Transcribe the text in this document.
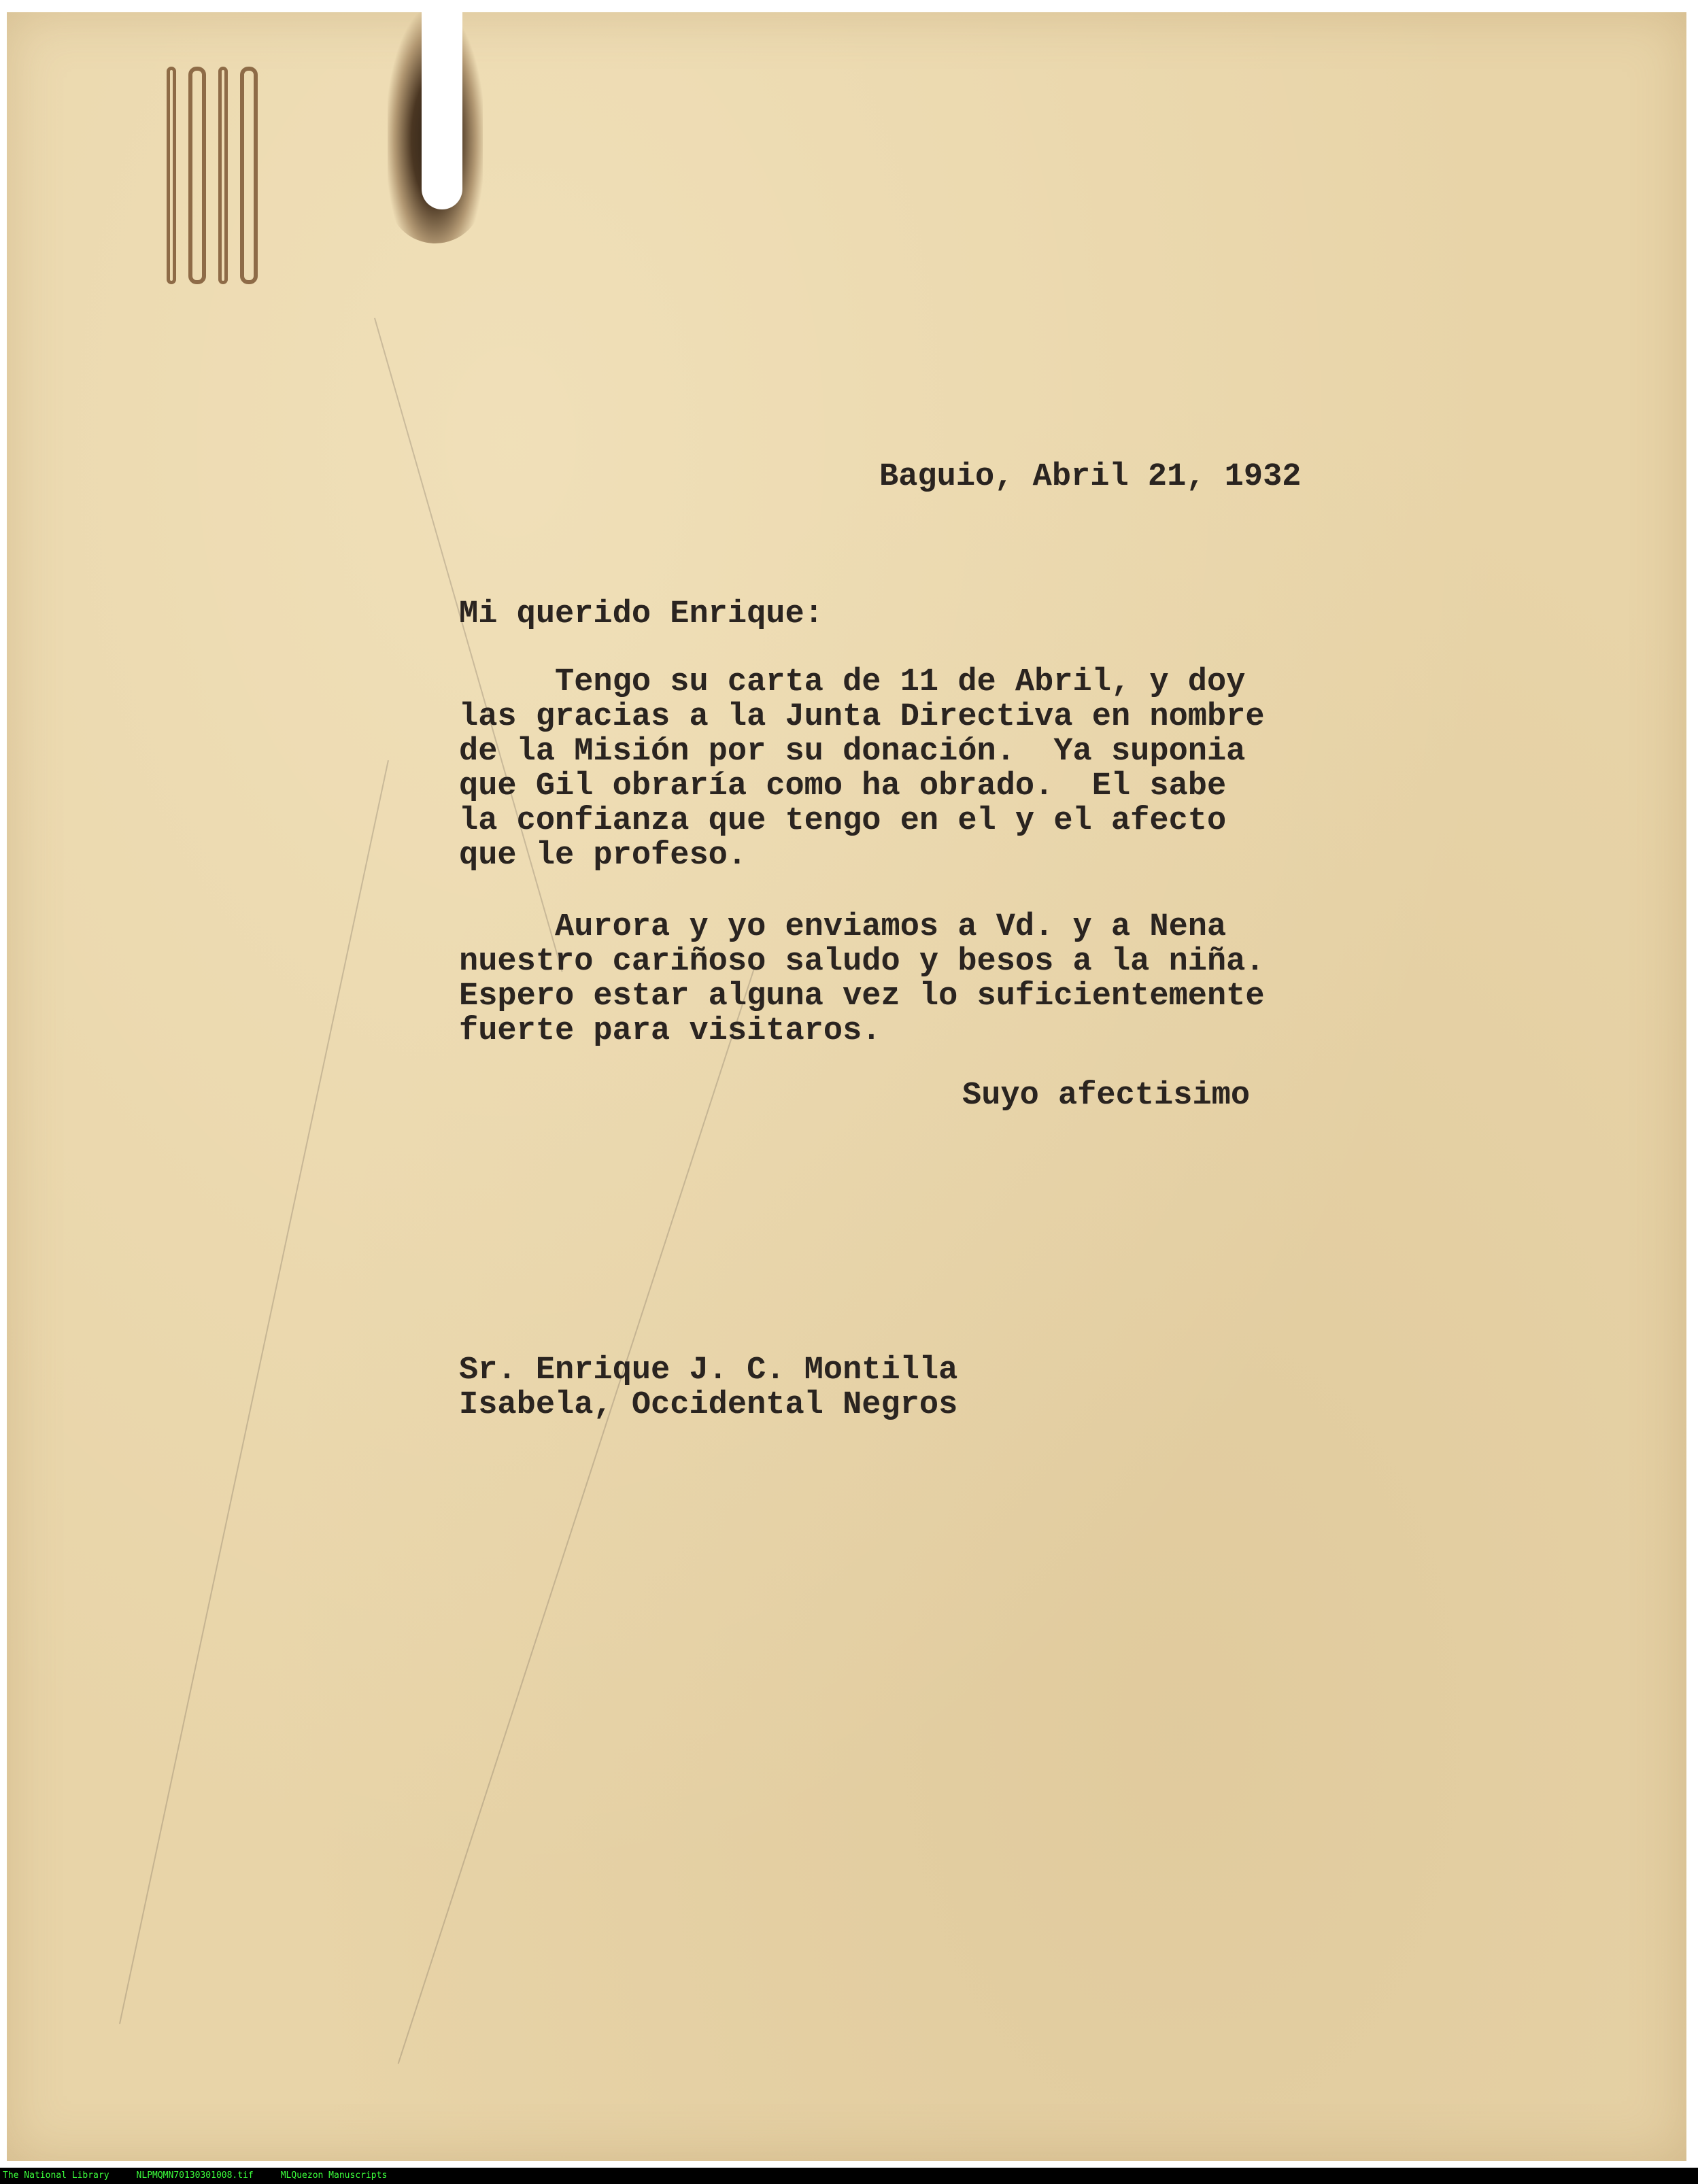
Baguio, Abril 21, 1932
Mi querido Enrique:
Tengo su carta de 11 de Abril, y doy
las gracias a la Junta Directiva en nombre
de la Misión por su donación.  Ya suponia
que Gil obraría como ha obrado.  El sabe
la confianza que tengo en el y el afecto
que le profeso.
Aurora y yo enviamos a Vd. y a Nena
nuestro cariñoso saludo y besos a la niña.
Espero estar alguna vez lo suficientemente
fuerte para visitaros.
Suyo afectisimo
Sr. Enrique J. C. Montilla
Isabela, Occidental Negros
The National Library	NLPMQMN70130301008.tif	MLQuezon Manuscripts
